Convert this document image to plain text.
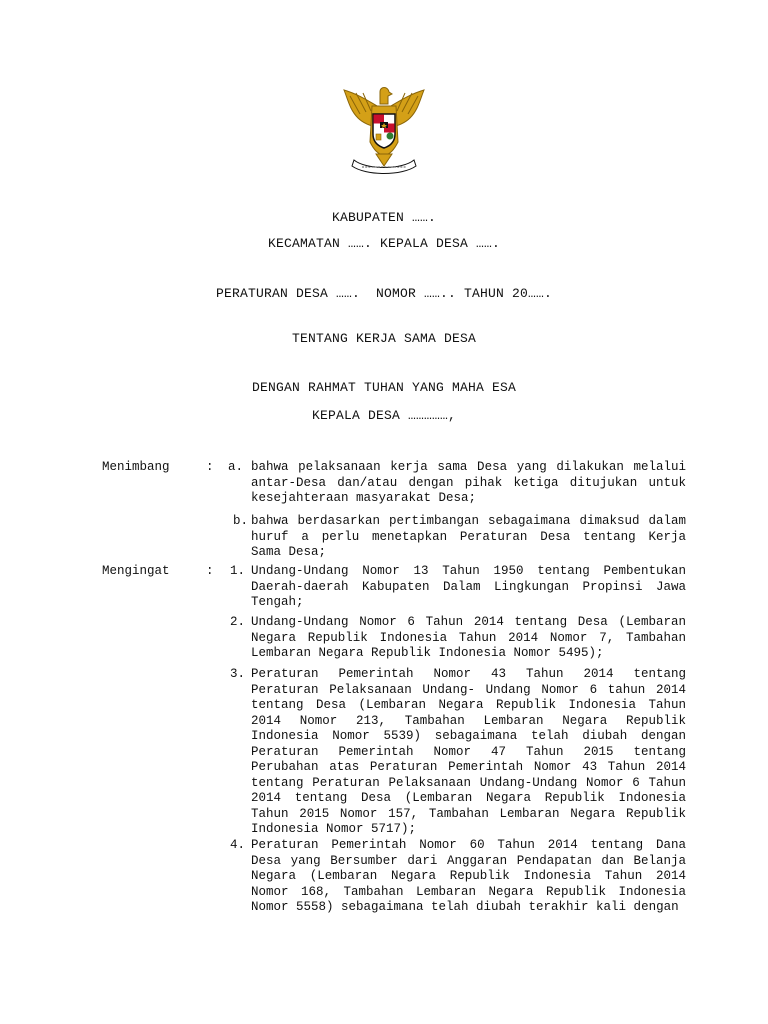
KABUPATEN …….
KECAMATAN ……. KEPALA DESA …….
PERATURAN DESA …….  NOMOR …….. TAHUN 20…….
TENTANG KERJA SAMA DESA
DENGAN RAHMAT TUHAN YANG MAHA ESA
KEPALA DESA ……………,
Menimbang	: a. bahwa pelaksanaan kerja sama Desa yang dilakukan melalui antar-Desa dan/atau dengan pihak ketiga ditujukan untuk kesejahteraan masyarakat Desa;
b. bahwa berdasarkan pertimbangan sebagaimana dimaksud dalam huruf a perlu menetapkan Peraturan Desa tentang Kerja Sama Desa;
Mengingat	: 1. Undang-Undang Nomor 13 Tahun 1950 tentang Pembentukan Daerah-daerah Kabupaten Dalam Lingkungan Propinsi Jawa Tengah;
2. Undang-Undang Nomor 6 Tahun 2014 tentang Desa (Lembaran Negara Republik Indonesia Tahun 2014 Nomor 7, Tambahan Lembaran Negara Republik Indonesia Nomor 5495);
3. Peraturan Pemerintah Nomor 43 Tahun 2014 tentang Peraturan Pelaksanaan Undang- Undang Nomor 6 tahun 2014 tentang Desa (Lembaran Negara Republik Indonesia Tahun 2014 Nomor 213, Tambahan Lembaran Negara Republik Indonesia Nomor 5539) sebagaimana telah diubah dengan Peraturan Pemerintah Nomor 47 Tahun 2015 tentang Perubahan atas Peraturan Pemerintah Nomor 43 Tahun 2014 tentang Peraturan Pelaksanaan Undang-Undang Nomor 6 Tahun 2014 tentang Desa (Lembaran Negara Republik Indonesia Tahun 2015 Nomor 157, Tambahan Lembaran Negara Republik Indonesia Nomor 5717);
4. Peraturan Pemerintah Nomor 60 Tahun 2014 tentang Dana Desa yang Bersumber dari Anggaran Pendapatan dan Belanja Negara (Lembaran Negara Republik Indonesia Tahun 2014 Nomor 168, Tambahan Lembaran Negara Republik Indonesia Nomor 5558) sebagaimana telah diubah terakhir kali dengan
